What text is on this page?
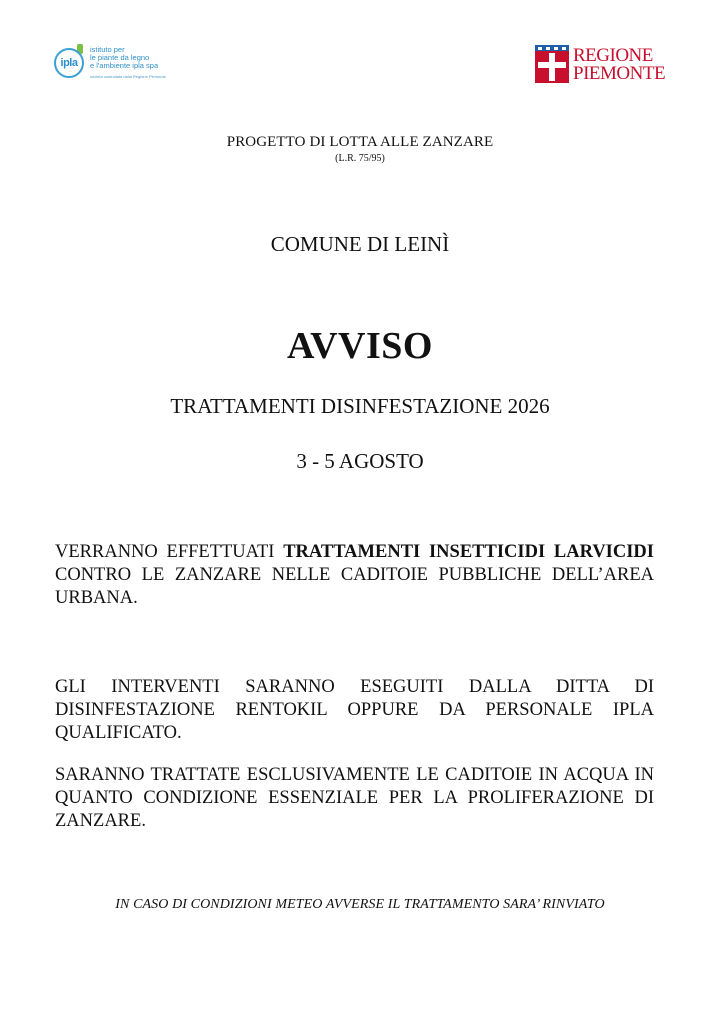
ipla
istituto per
le piante da legno
e l'ambiente ipla spa
società controllata dalla Regione Piemonte
REGIONE
PIEMONTE
PROGETTO DI LOTTA ALLE ZANZARE
(L.R. 75/95)
COMUNE DI LEINÌ
AVVISO
TRATTAMENTI DISINFESTAZIONE 2026
3 - 5 AGOSTO
VERRANNO EFFETTUATI TRATTAMENTI INSETTICIDI LARVICIDI CONTRO LE ZANZARE NELLE CADITOIE PUBBLICHE DELL’AREA URBANA.
GLI INTERVENTI SARANNO ESEGUITI DALLA DITTA DI DISINFESTAZIONE RENTOKIL OPPURE DA PERSONALE IPLA QUALIFICATO.
SARANNO TRATTATE ESCLUSIVAMENTE LE CADITOIE IN ACQUA IN QUANTO CONDIZIONE ESSENZIALE PER LA PROLIFERAZIONE DI ZANZARE.
IN CASO DI CONDIZIONI METEO AVVERSE IL TRATTAMENTO SARA’ RINVIATO
